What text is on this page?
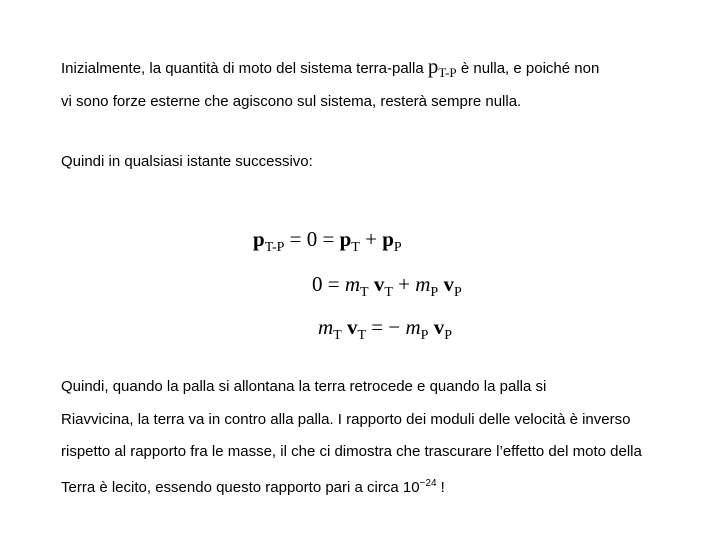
Inizialmente, la quantità di moto del sistema terra-palla pT-P è nulla, e poiché non
vi sono forze esterne che agiscono sul sistema, resterà sempre nulla.
Quindi in qualsiasi istante successivo:
$p_{T-P} = 0 = p_T + p_P$
$0 = m_T$ $v_T + m_P$ $v_P$
$m_T$ $v_T$ = − $m_P$ $v_P$
Quindi, quando la palla si allontana la terra retrocede e quando la palla si
Riavvicina, la terra va in contro alla palla. I rapporto dei moduli delle velocità è inverso
rispetto al rapporto fra le masse, il che ci dimostra che trascurare l’effetto del moto della
Terra è lecito, essendo questo rapporto pari a circa $10^{-24}$ !
